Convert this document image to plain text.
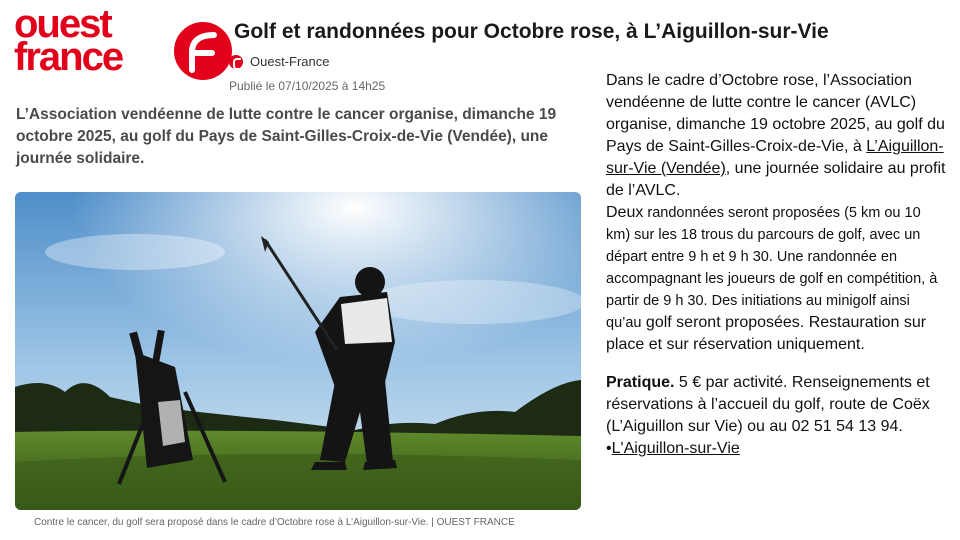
ouest
france
Golf et randonnées pour Octobre rose, à L’Aiguillon-sur-Vie
Ouest-France
Publié le 07/10/2025 à 14h25
L’Association vendéenne de lutte contre le cancer organise, dimanche 19 octobre 2025, au golf du Pays de Saint-Gilles-Croix-de-Vie (Vendée), une journée solidaire.
Contre le cancer, du golf sera proposé dans le cadre d’Octobre rose à L’Aiguillon-sur-Vie. | OUEST FRANCE

Dans le cadre d’Octobre rose, l’Association vendéenne de lutte contre le cancer (AVLC) organise, dimanche 19 octobre 2025, au golf du Pays de Saint-Gilles-Croix-de-Vie, à L’Aiguillon-sur-Vie (Vendée), une journée solidaire au profit de l’AVLC.

Deux randonnées seront proposées (5 km ou 10 km) sur les 18 trous du parcours de golf, avec un départ entre 9 h et 9 h 30. Une randonnée en accompagnant les joueurs de golf en compétition, à partir de 9 h 30. Des initiations au minigolf ainsi qu’au golf seront proposées. Restauration sur place et sur réservation uniquement.

Pratique. 5 € par activité. Renseignements et réservations à l’accueil du golf, route de Coëx (L’Aiguillon sur Vie) ou au 02 51 54 13 94.

•L'Aiguillon-sur-Vie
